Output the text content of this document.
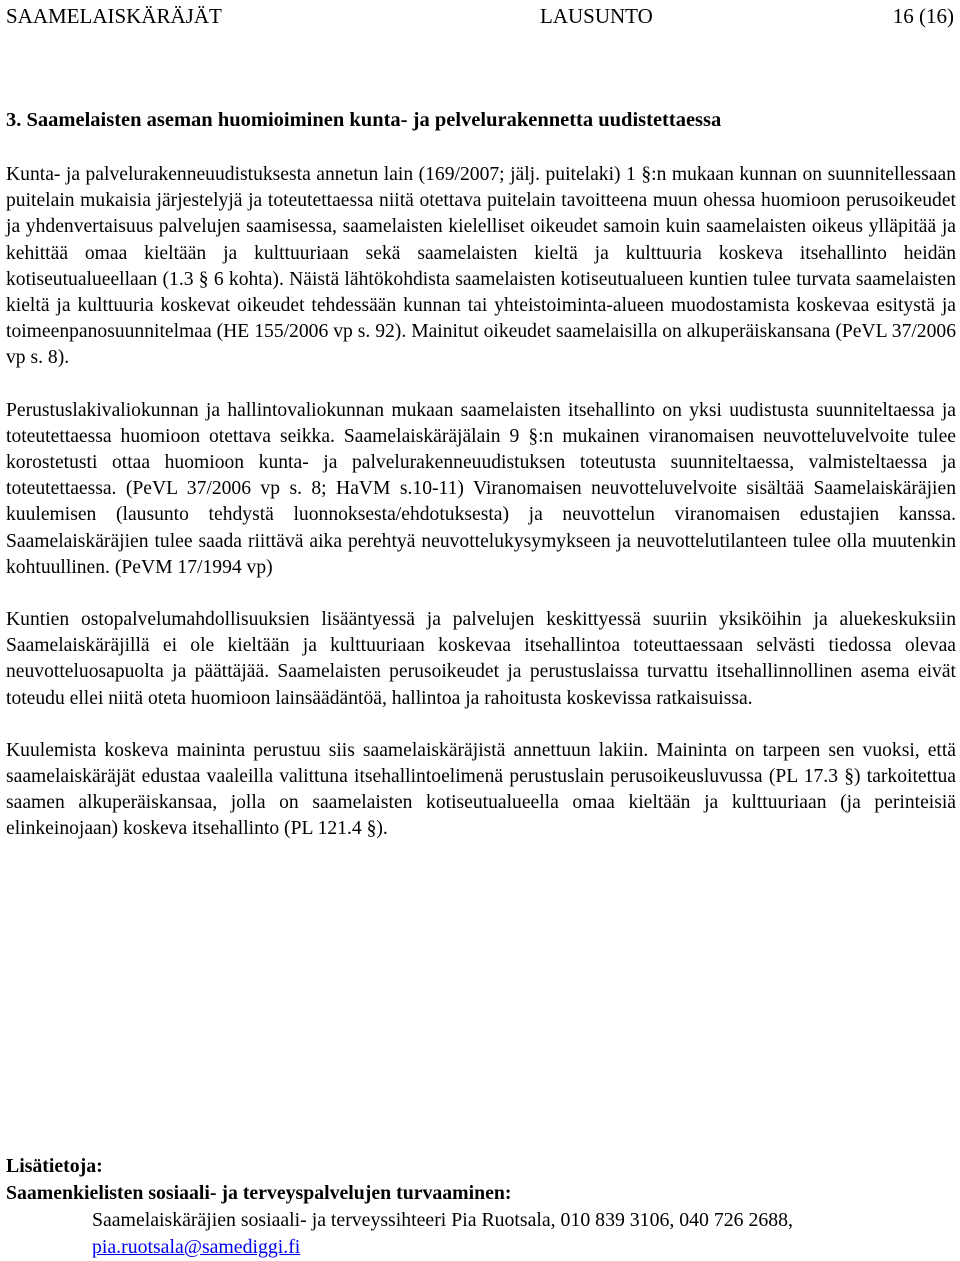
SAAMELAISKÄRÄJÄT	LAUSUNTO	16 (16)
3. Saamelaisten aseman huomioiminen kunta- ja pelvelurakennetta uudistettaessa

Kunta- ja palvelurakenneuudistuksesta annetun lain (169/2007; jälj. puitelaki) 1 §:n mukaan kunnan on suunnitellessaan puitelain mukaisia järjestelyjä ja toteutettaessa niitä otettava puitelain tavoitteena muun ohessa huomioon perusoikeudet ja yhdenvertaisuus palvelujen saamisessa, saamelaisten kielelliset oikeudet samoin kuin saamelaisten oikeus ylläpitää ja kehittää omaa kieltään ja kulttuuriaan sekä saamelaisten kieltä ja kulttuuria koskeva itsehallinto heidän kotiseutualueellaan (1.3 § 6 kohta). Näistä lähtökohdista saamelaisten kotiseutualueen kuntien tulee turvata saamelaisten kieltä ja kulttuuria koskevat oikeudet tehdessään kunnan tai yhteistoiminta-alueen muodostamista koskevaa esitystä ja toimeenpanosuunnitelmaa (HE 155/2006 vp s. 92). Mainitut oikeudet saamelaisilla on alkuperäiskansana (PeVL 37/2006 vp s. 8).

Perustuslakivaliokunnan ja hallintovaliokunnan mukaan saamelaisten itsehallinto on yksi uudistusta suunniteltaessa ja toteutettaessa huomioon otettava seikka. Saamelaiskäräjälain 9 §:n mukainen viranomaisen neuvotteluvelvoite tulee korostetusti ottaa huomioon kunta- ja palvelurakenneuudistuksen toteutusta suunniteltaessa, valmisteltaessa ja toteutettaessa. (PeVL 37/2006 vp s. 8; HaVM s.10-11) Viranomaisen neuvotteluvelvoite sisältää Saamelaiskäräjien kuulemisen (lausunto tehdystä luonnoksesta/ehdotuksesta) ja neuvottelun viranomaisen edustajien kanssa. Saamelaiskäräjien tulee saada riittävä aika perehtyä neuvottelukysymykseen ja neuvottelutilanteen tulee olla muutenkin kohtuullinen. (PeVM 17/1994 vp)

Kuntien ostopalvelumahdollisuuksien lisääntyessä ja palvelujen keskittyessä suuriin yksiköihin ja aluekeskuksiin Saamelaiskäräjillä ei ole kieltään ja kulttuuriaan koskevaa itsehallintoa toteuttaessaan selvästi tiedossa olevaa neuvotteluosapuolta ja päättäjää. Saamelaisten perusoikeudet ja perustuslaissa turvattu itsehallinnollinen asema eivät toteudu ellei niitä oteta huomioon lainsäädäntöä, hallintoa ja rahoitusta koskevissa ratkaisuissa.

Kuulemista koskeva maininta perustuu siis saamelaiskäräjistä annettuun lakiin. Maininta on tarpeen sen vuoksi, että saamelaiskäräjät edustaa vaaleilla valittuna itsehallintoelimenä perustuslain perusoikeusluvussa (PL 17.3 §) tarkoitettua saamen alkuperäiskansaa, jolla on saamelaisten kotiseutualueella omaa kieltään ja kulttuuriaan (ja perinteisiä elinkeinojaan) koskeva itsehallinto (PL 121.4 §).

Lisätietoja:
Saamenkielisten sosiaali- ja terveyspalvelujen turvaaminen:
Saamelaiskäräjien sosiaali- ja terveyssihteeri Pia Ruotsala, 010 839 3106, 040 726 2688,
pia.ruotsala@samediggi.fi
